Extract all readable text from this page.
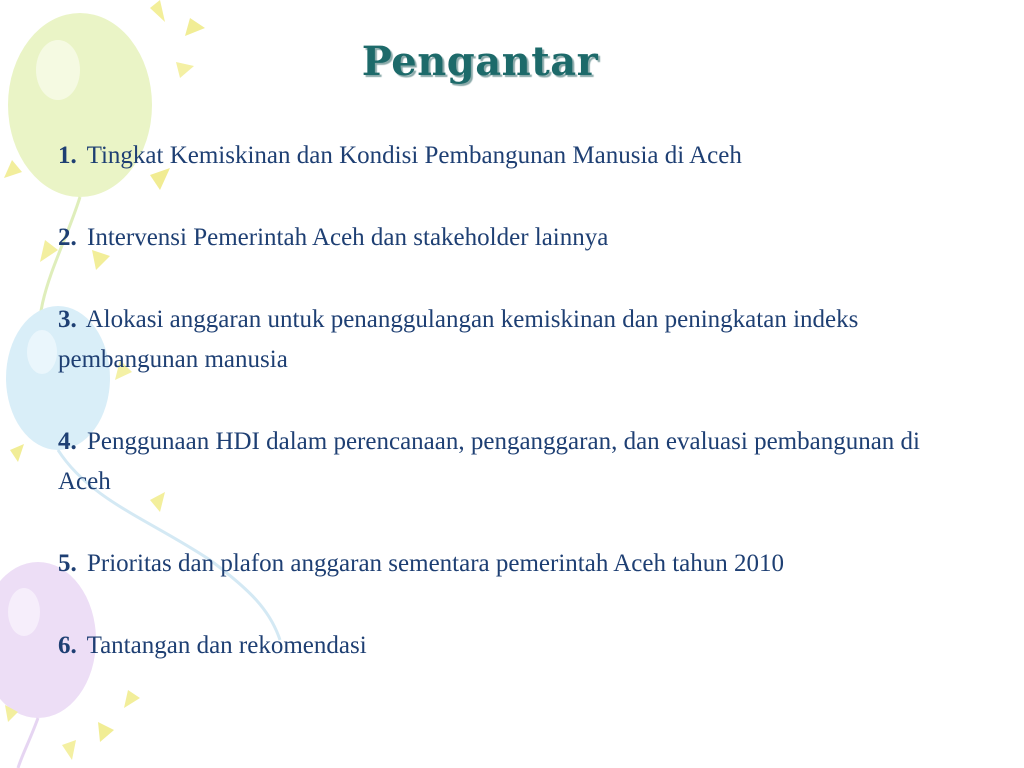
Pengantar

1. Tingkat Kemiskinan dan Kondisi Pembangunan Manusia di Aceh

2. Intervensi Pemerintah Aceh dan stakeholder lainnya

3. Alokasi anggaran untuk penanggulangan kemiskinan dan peningkatan indeks pembangunan manusia

4. Penggunaan HDI dalam perencanaan, penganggaran, dan evaluasi pembangunan di Aceh

5. Prioritas dan plafon anggaran sementara pemerintah Aceh tahun 2010

6. Tantangan dan rekomendasi
